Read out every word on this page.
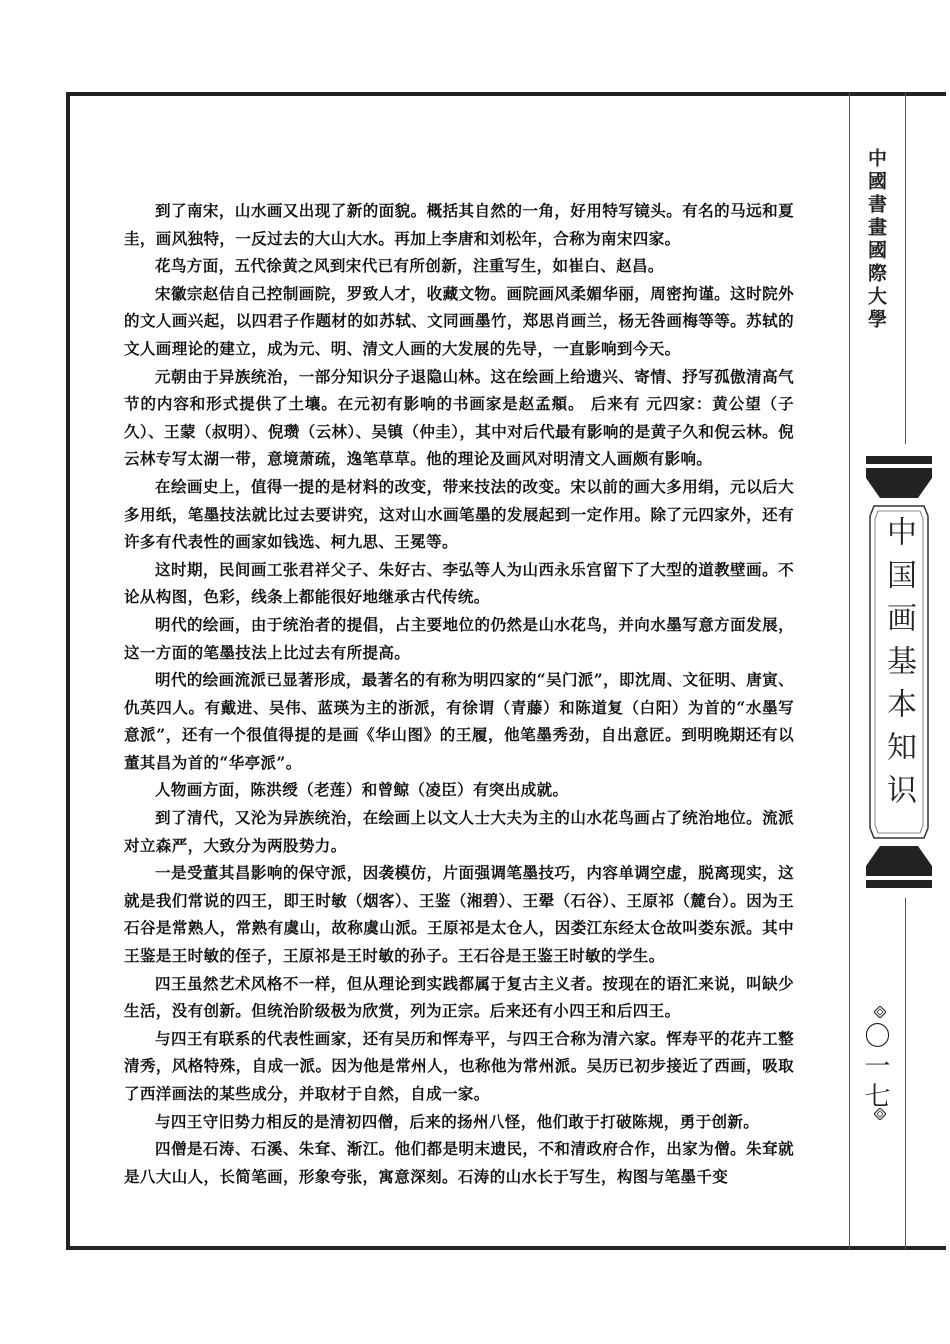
到了南宋，山水画又出现了新的面貌。概括其自然的一角，好用特写镜头。有名的马远和夏圭，画风独特，一反过去的大山大水。再加上李唐和刘松年，合称为南宋四家。

花鸟方面，五代徐黄之风到宋代已有所创新，注重写生，如崔白、赵昌。

宋徽宗赵佶自己控制画院，罗致人才，收藏文物。画院画风柔媚华丽，周密拘谨。这时院外的文人画兴起，以四君子作题材的如苏轼、文同画墨竹，郑思肖画兰，杨无咎画梅等等。苏轼的文人画理论的建立，成为元、明、清文人画的大发展的先导，一直影响到今天。

元朝由于异族统治，一部分知识分子退隐山林。这在绘画上给遗兴、寄情、抒写孤傲清高气节的内容和形式提供了土壤。在元初有影响的书画家是赵孟頫。 后来有 元四家：黄公望（子久）、王蒙（叔明）、倪瓒（云林）、吴镇（仲圭），其中对后代最有影响的是黄子久和倪云林。倪云林专写太湖一带，意境萧疏，逸笔草草。他的理论及画风对明清文人画颇有影响。

在绘画史上，值得一提的是材料的改变，带来技法的改变。宋以前的画大多用绢，元以后大多用纸，笔墨技法就比过去要讲究，这对山水画笔墨的发展起到一定作用。除了元四家外，还有许多有代表性的画家如钱选、柯九思、王冕等。

这时期，民间画工张君祥父子、朱好古、李弘等人为山西永乐宫留下了大型的道教壁画。不论从构图，色彩，线条上都能很好地继承古代传统。

明代的绘画，由于统治者的提倡，占主要地位的仍然是山水花鸟，并向水墨写意方面发展，这一方面的笔墨技法上比过去有所提高。

明代的绘画流派已显著形成，最著名的有称为明四家的“吴门派”，即沈周、文征明、唐寅、仇英四人。有戴进、吴伟、蓝瑛为主的浙派，有徐谓（青藤）和陈道复（白阳）为首的“水墨写意派”，还有一个很值得提的是画《华山图》的王履，他笔墨秀劲，自出意匠。到明晚期还有以董其昌为首的“华亭派”。

人物画方面，陈洪绶（老莲）和曾鲸（凌臣）有突出成就。

到了清代，又沦为异族统治，在绘画上以文人士大夫为主的山水花鸟画占了统治地位。流派对立森严，大致分为两股势力。

一是受董其昌影响的保守派，因袭模仿，片面强调笔墨技巧，内容单调空虚，脱离现实，这就是我们常说的四王，即王时敏（烟客）、王鉴（湘碧）、王翚（石谷）、王原祁（麓台）。因为王石谷是常熟人，常熟有虞山，故称虞山派。王原祁是太仓人，因娄江东经太仓故叫娄东派。其中王鉴是王时敏的侄子，王原祁是王时敏的孙子。王石谷是王鉴王时敏的学生。

四王虽然艺术风格不一样，但从理论到实践都属于复古主义者。按现在的语汇来说，叫缺少生活，没有创新。但统治阶级极为欣赏，列为正宗。后来还有小四王和后四王。

与四王有联系的代表性画家，还有吴历和恽寿平，与四王合称为清六家。恽寿平的花卉工整清秀，风格特殊，自成一派。因为他是常州人，也称他为常州派。吴历已初步接近了西画，吸取了西洋画法的某些成分，并取材于自然，自成一家。

与四王守旧势力相反的是清初四僧，后来的扬州八怪，他们敢于打破陈规，勇于创新。

四僧是石涛、石溪、朱耷、渐江。他们都是明末遗民，不和清政府合作，出家为僧。朱耷就是八大山人，长简笔画，形象夸张，寓意深刻。石涛的山水长于写生，构图与笔墨千变

中國書畫國際大學
中国画基本知识
〇一七
